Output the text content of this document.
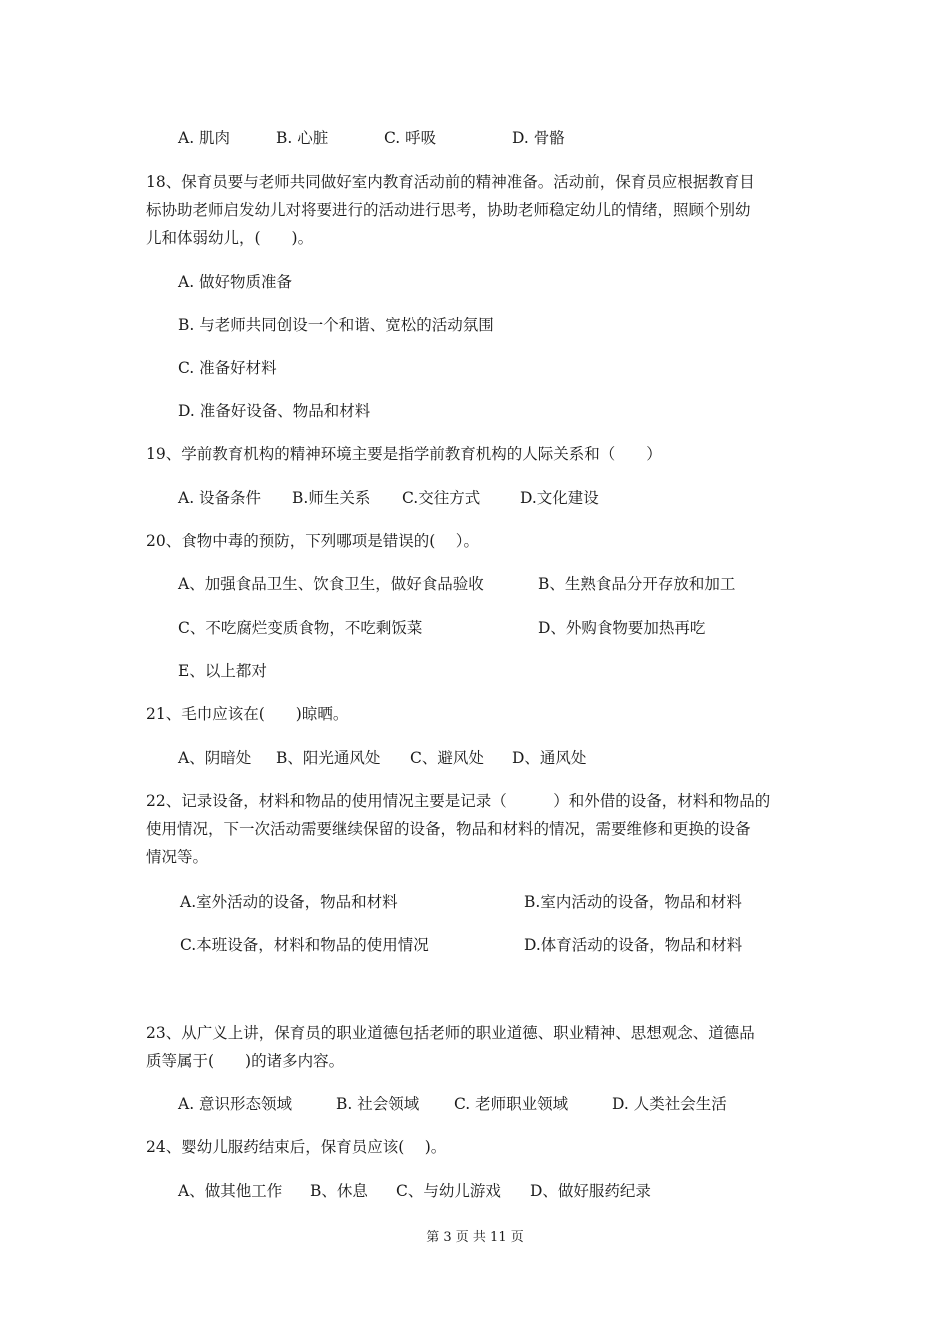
A. 肌肉	B. 心脏	C. 呼吸	D. 骨骼
18、保育员要与老师共同做好室内教育活动前的精神准备。活动前，保育员应根据教育目
标协助老师启发幼儿对将要进行的活动进行思考，协助老师稳定幼儿的情绪，照顾个别幼
儿和体弱幼儿，(　　)。
A. 做好物质准备
B. 与老师共同创设一个和谐、宽松的活动氛围
C. 准备好材料
D. 准备好设备、物品和材料
19、学前教育机构的精神环境主要是指学前教育机构的人际关系和（　　）
A. 设备条件 B.师生关系 C.交往方式	D.文化建设
20、食物中毒的预防，下列哪项是错误的(　 ）。
A、加强食品卫生、饮食卫生，做好食品验收	B、生熟食品分开存放和加工
C、不吃腐烂变质食物，不吃剩饭菜	D、外购食物要加热再吃
E、以上都对
21、毛巾应该在(　　)晾晒。
A、阴暗处 B、阳光通风处 C、避风处 D、通风处
22、记录设备，材料和物品的使用情况主要是记录（　　　）和外借的设备，材料和物品的
使用情况，下一次活动需要继续保留的设备，物品和材料的情况，需要维修和更换的设备
情况等。
A.室外活动的设备，物品和材料	B.室内活动的设备，物品和材料
C.本班设备，材料和物品的使用情况	D.体育活动的设备，物品和材料
23、从广义上讲，保育员的职业道德包括老师的职业道德、职业精神、思想观念、道德品
质等属于(　　)的诸多内容。
A. 意识形态领域	B. 社会领域 C. 老师职业领域	D. 人类社会生活
24、婴幼儿服药结束后，保育员应该(　 )。
A、做其他工作 B、休息 C、与幼儿游戏 D、做好服药纪录
第 3 页 共 11 页
